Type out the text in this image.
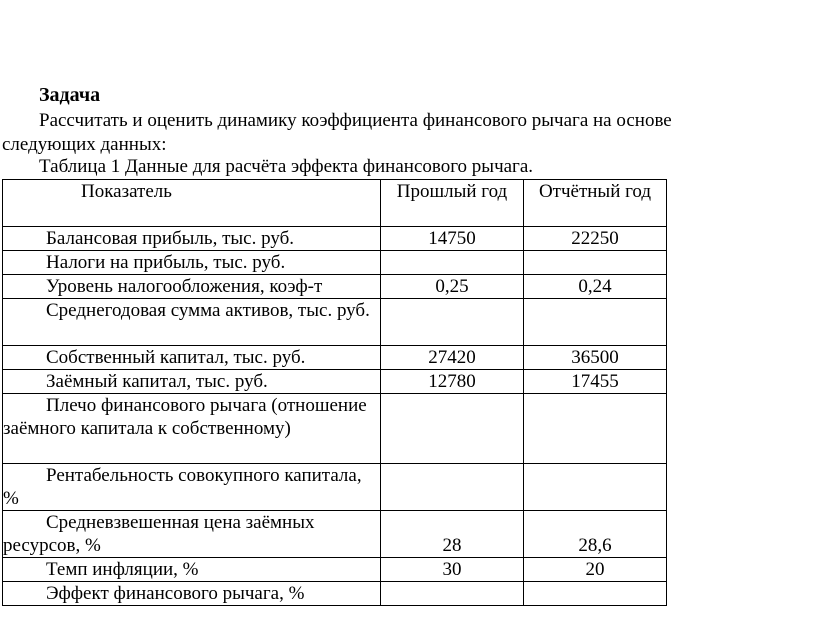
Задача
Рассчитать и оценить динамику коэффициента финансового рычага на основе
следующих данных:
Таблица 1 Данные для расчёта эффекта финансового рычага.
Показатель	Прошлый год	Отчётный год

Балансовая прибыль, тыс. руб.	14750	22250

Налоги на прибыль, тыс. руб.		

Уровень налогообложения, коэф-т	0,25	0,24

Среднегодовая сумма активов, тыс. руб.		

Собственный капитал, тыс. руб.	27420	36500

Заёмный капитал, тыс. руб.	12780	17455

Плечо финансового рычага (отношение заёмного капитала к собственному)		

Рентабельность совокупного капитала, %		

Средневзвешенная цена заёмных ресурсов, %	28	28,6

Темп инфляции, %	30	20

Эффект финансового рычага, %		
